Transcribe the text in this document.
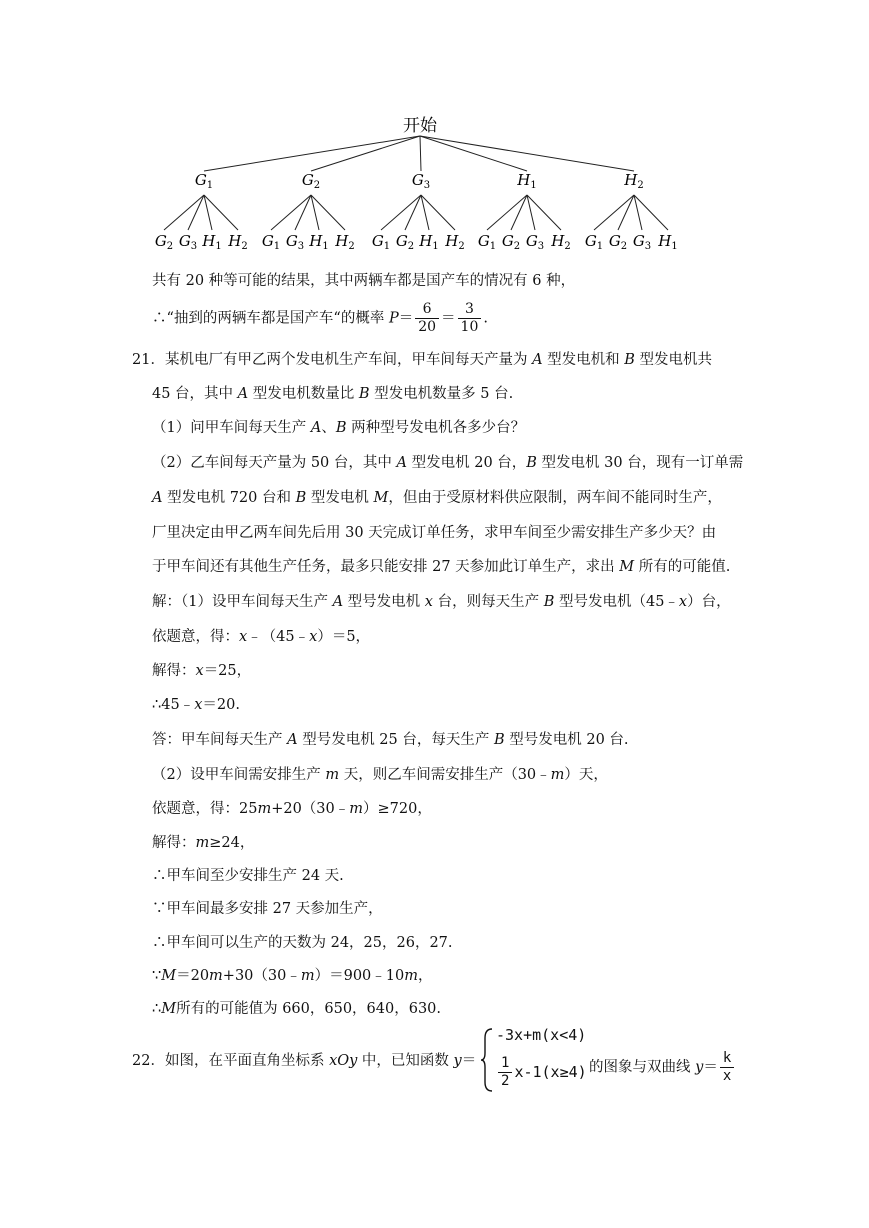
开始
$G_1$
$G_2$ $G_3$ $H_1$ $H_2$
$G_2$
$G_1$ $G_3$ $H_1$ $H_2$
$G_3$
$G_1$ $G_2$ $H_1$ $H_2$
$H_1$
$G_1$ $G_2$ $G_3$ $H_2$
$H_2$
$G_1$ $G_2$ $G_3$ $H_1$
共有 20 种等可能的结果，其中两辆车都是国产车的情况有 6 种，
∴“抽到的两辆车都是国产车“的概率 $P= \frac{6}{20} = \frac{3}{10}$ .
21．某机电厂有甲乙两个发电机生产车间，甲车间每天产量为 A 型发电机和 B 型发电机共
45 台，其中 A 型发电机数量比 B 型发电机数量多 5 台.
（1）问甲车间每天生产 A、B 两种型号发电机各多少台？
（2）乙车间每天产量为 50 台，其中 A 型发电机 20 台，B 型发电机 30 台，现有一订单需
A 型发电机 720 台和 B 型发电机 M，但由于受原材料供应限制，两车间不能同时生产，
厂里决定由甲乙两车间先后用 30 天完成订单任务，求甲车间至少需安排生产多少天？由
于甲车间还有其他生产任务，最多只能安排 27 天参加此订单生产，求出 M 所有的可能值.
解：（1）设甲车间每天生产 A 型号发电机 x 台，则每天生产 B 型号发电机（45﹣x）台，
依题意，得：x﹣（45﹣x）＝5，
解得：x＝25，
∴45﹣x＝20.
答：甲车间每天生产 A 型号发电机 25 台，每天生产 B 型号发电机 20 台.
（2）设甲车间需安排生产 m 天，则乙车间需安排生产（30﹣m）天，
依题意，得：25m+20（30﹣m）≥720，
解得：m≥24，
∴甲车间至少安排生产 24 天.
∵甲车间最多安排 27 天参加生产，
∴甲车间可以生产的天数为 24，25，26，27.
∵M＝20m+30（30﹣m）＝900﹣10m，
∴M所有的可能值为 660，650，640，630.
22．如图，在平面直角坐标系 xOy 中，已知函数 y＝
-3x+m(x<4)
$\frac{1}{2} x-1(x\ge 4)$ 的图象与双曲线 $y= \frac{k}{x}$
